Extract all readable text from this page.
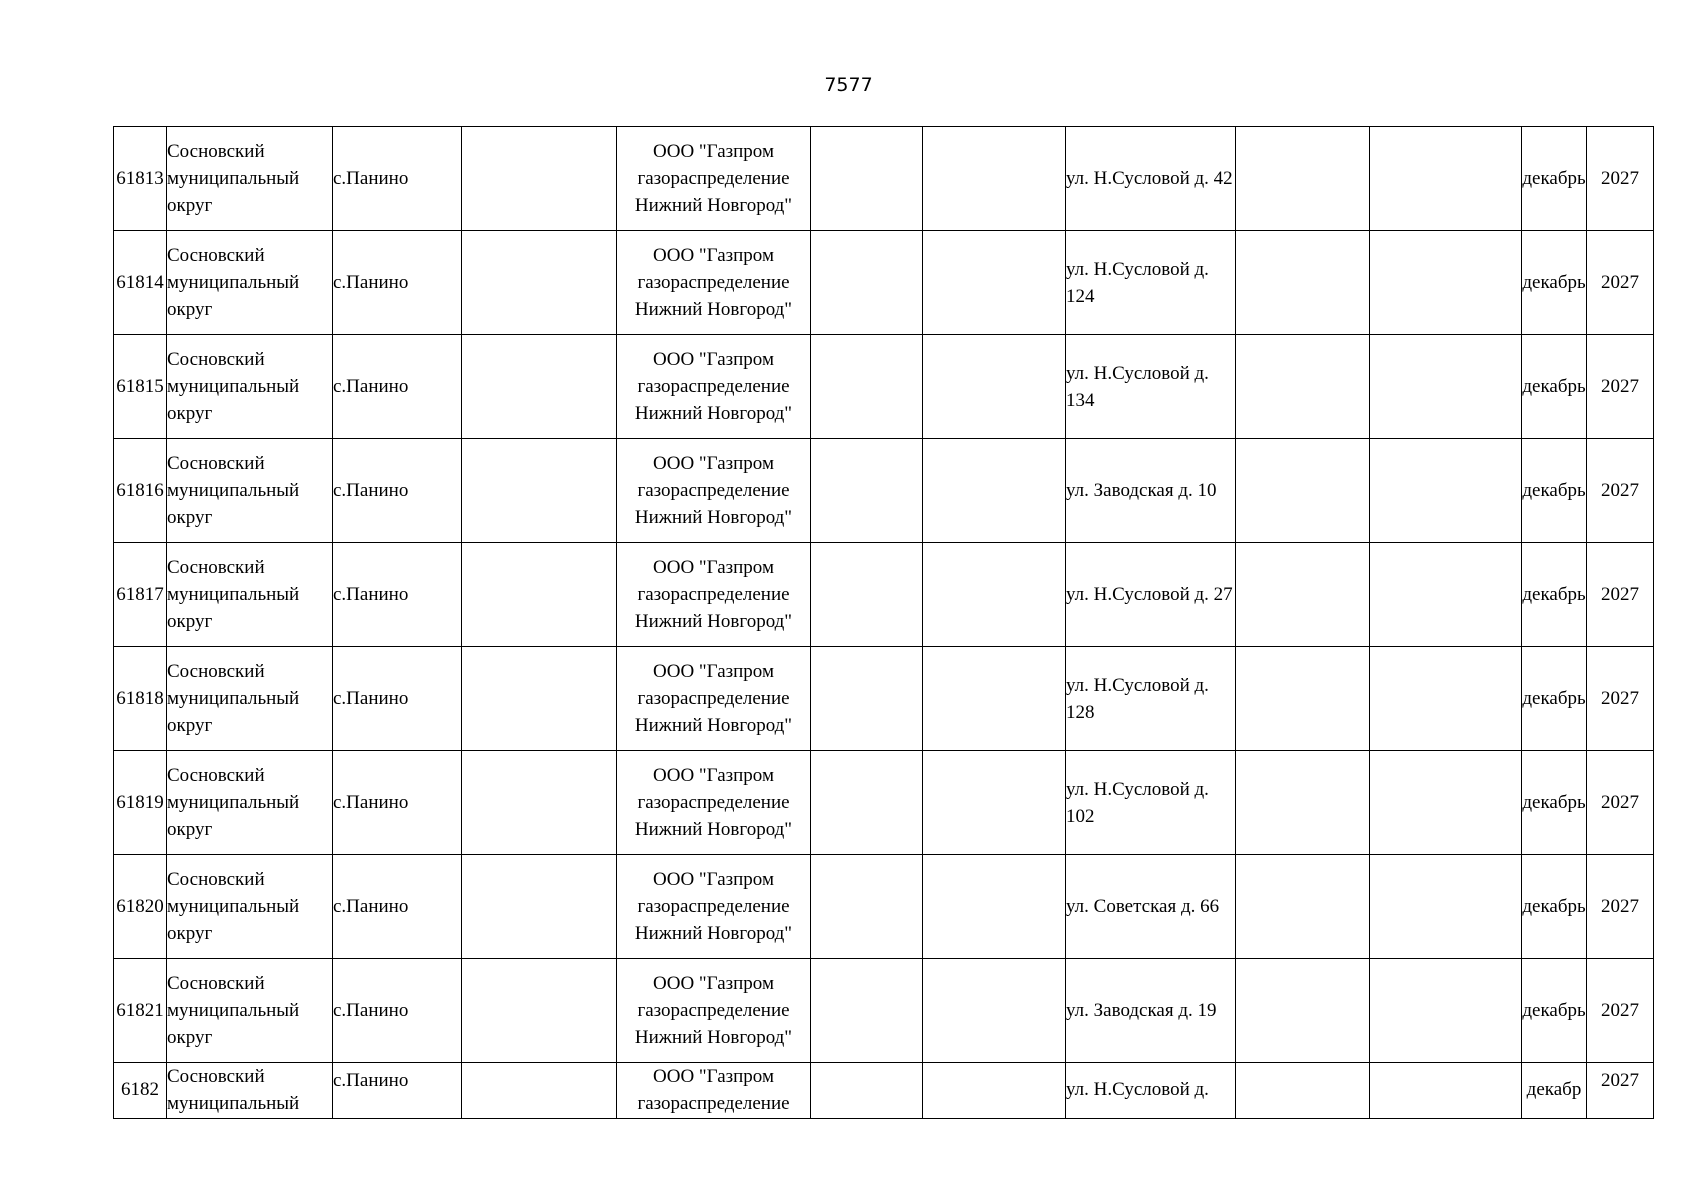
7577
61813	Сосновский муниципальный округ	с.Панино		ООО "Газпром газораспределение Нижний Новгород"			ул. Н.Сусловой д. 42			декабрь	2027
61814	Сосновский муниципальный округ	с.Панино		ООО "Газпром газораспределение Нижний Новгород"			ул. Н.Сусловой д. 124			декабрь	2027
61815	Сосновский муниципальный округ	с.Панино		ООО "Газпром газораспределение Нижний Новгород"			ул. Н.Сусловой д. 134			декабрь	2027
61816	Сосновский муниципальный округ	с.Панино		ООО "Газпром газораспределение Нижний Новгород"			ул. Заводская д. 10			декабрь	2027
61817	Сосновский муниципальный округ	с.Панино		ООО "Газпром газораспределение Нижний Новгород"			ул. Н.Сусловой д. 27			декабрь	2027
61818	Сосновский муниципальный округ	с.Панино		ООО "Газпром газораспределение Нижний Новгород"			ул. Н.Сусловой д. 128			декабрь	2027
61819	Сосновский муниципальный округ	с.Панино		ООО "Газпром газораспределение Нижний Новгород"			ул. Н.Сусловой д. 102			декабрь	2027
61820	Сосновский муниципальный округ	с.Панино		ООО "Газпром газораспределение Нижний Новгород"			ул. Советская д. 66			декабрь	2027
61821	Сосновский муниципальный округ	с.Панино		ООО "Газпром газораспределение Нижний Новгород"			ул. Заводская д. 19			декабрь	2027
6182	Сосновский муниципальный	с.Панино		ООО "Газпром газораспределение			ул. Н.Сусловой д.			декабр	2027
